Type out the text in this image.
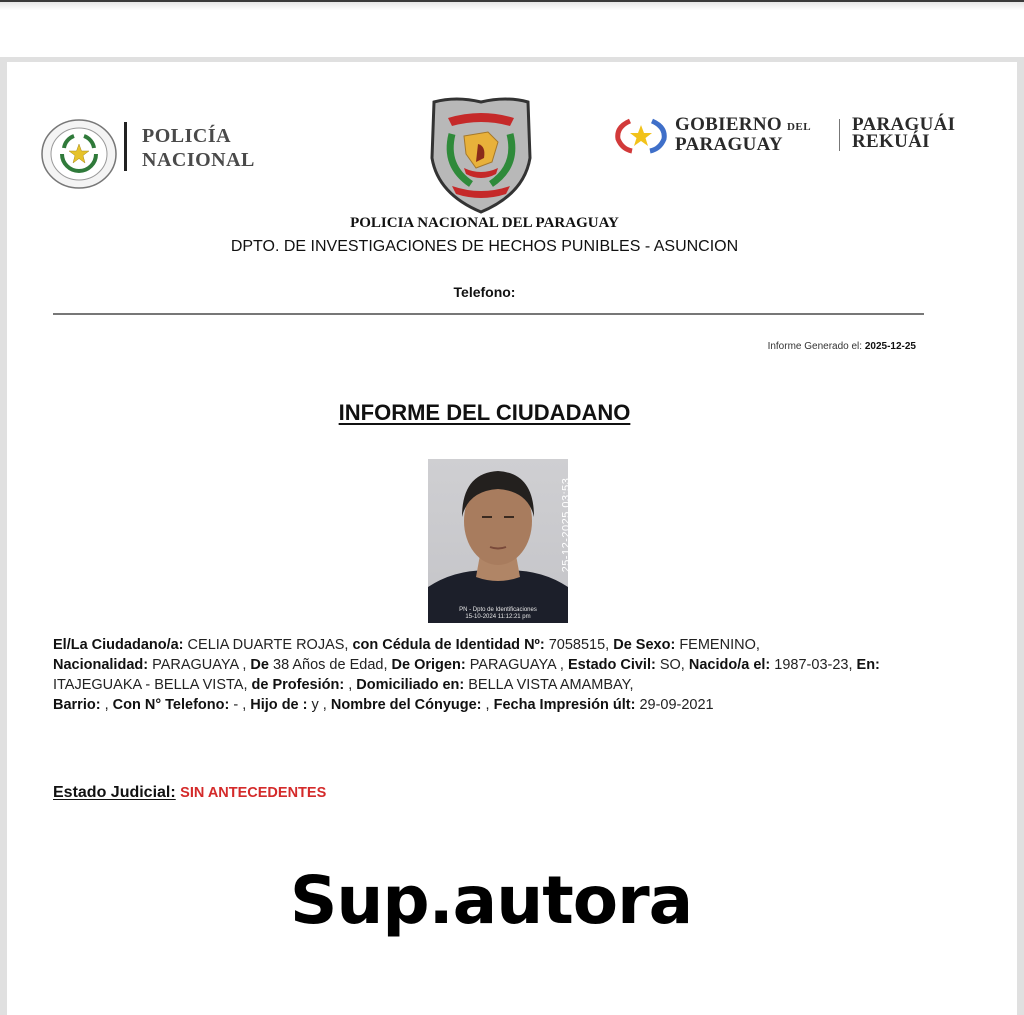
POLICÍA
NACIONAL
GOBIERNO DEL
PARAGUAY
PARAGUÁI
REKUÁI
POLICIA NACIONAL DEL PARAGUAY
DPTO. DE INVESTIGACIONES DE HECHOS PUNIBLES - ASUNCION
Telefono:
Informe Generado el: 2025-12-25
INFORME DEL CIUDADANO
25-12-2025 03:53
PN - Dpto de Identificaciones
15-10-2024 11:12:21 pm
El/La Ciudadano/a: CELIA DUARTE ROJAS, con Cédula de Identidad Nº: 7058515, De Sexo: FEMENINO,
Nacionalidad: PARAGUAYA , De 38 Años de Edad, De Origen: PARAGUAYA , Estado Civil: SO, Nacido/a el: 1987-03-23, En: ITAJEGUAKA - BELLA VISTA, de Profesión: , Domiciliado en: BELLA VISTA AMAMBAY,
Barrio: , Con N° Telefono: - , Hijo de : y , Nombre del Cónyuge: , Fecha Impresión últ: 29-09-2021
Estado Judicial: SIN ANTECEDENTES
Sup.autora
